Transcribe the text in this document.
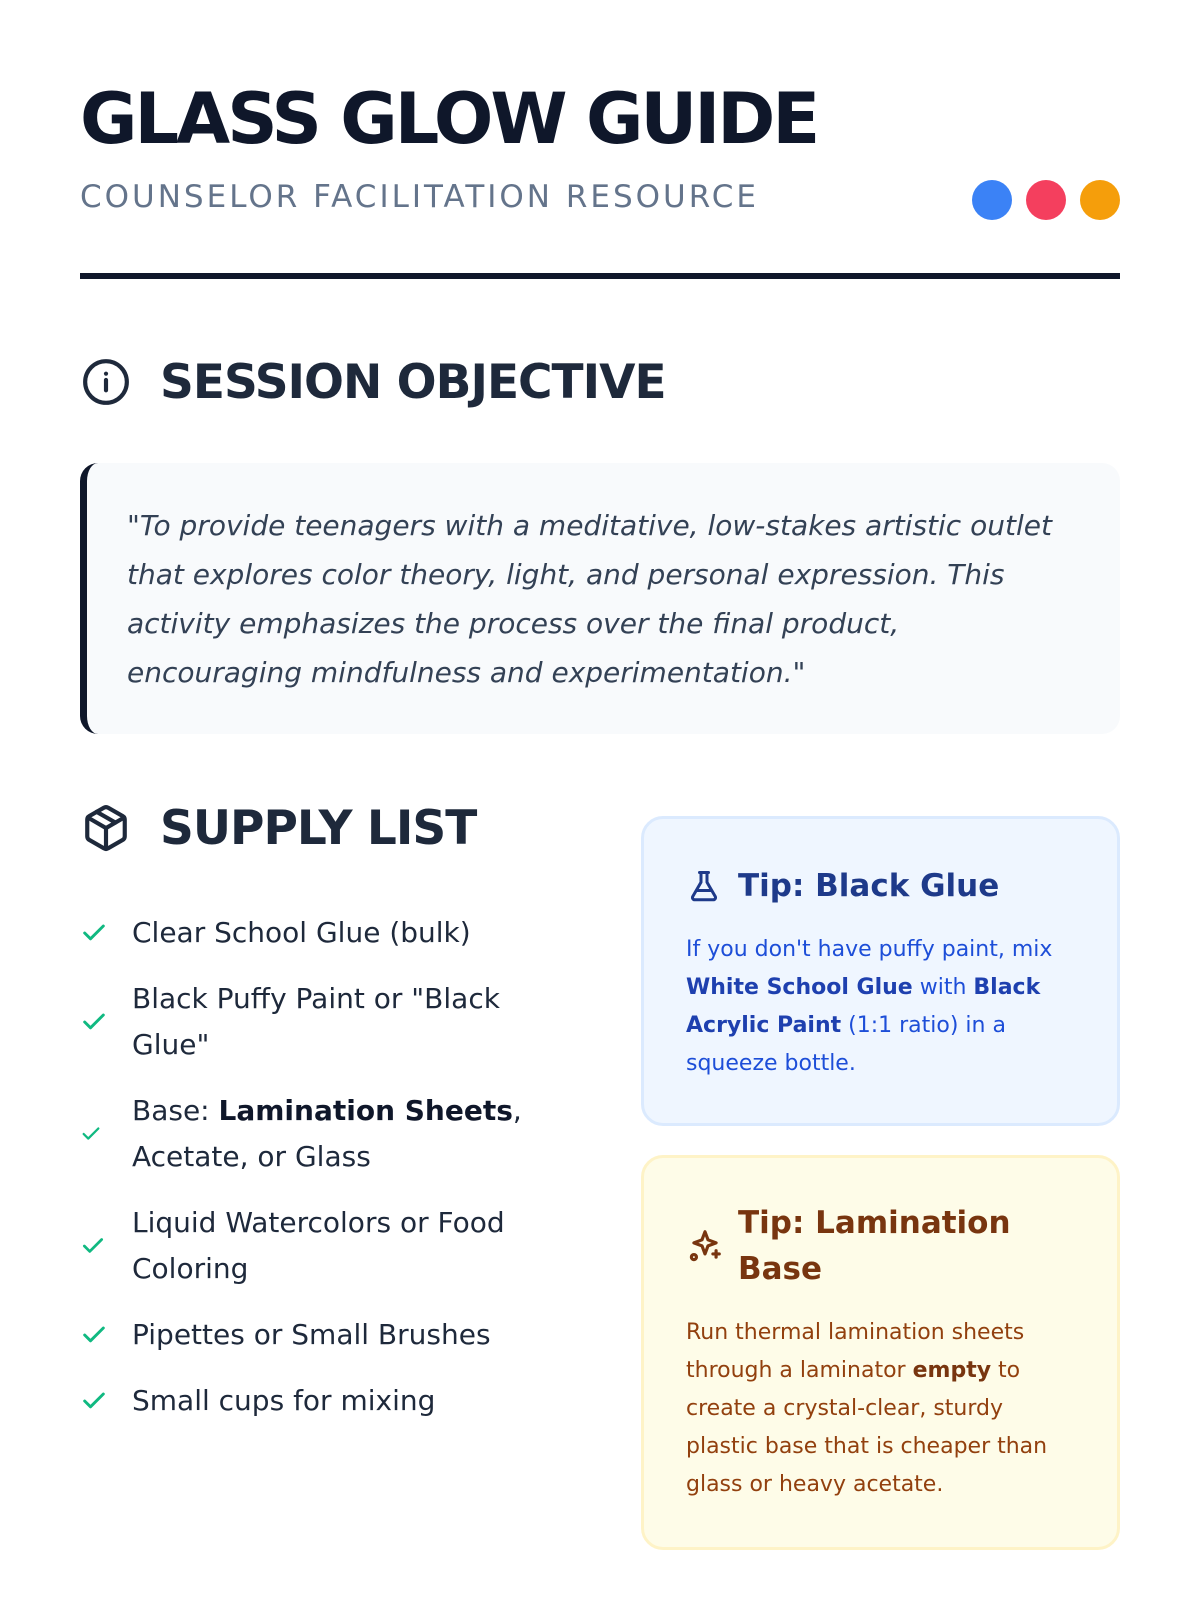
GLASS GLOW GUIDE
COUNSELOR FACILITATION RESOURCE
SESSION OBJECTIVE

"To provide teenagers with a meditative, low-stakes artistic outlet that explores color theory, light, and personal expression. This activity emphasizes the process over the final product, encouraging mindfulness and experimentation."

SUPPLY LIST
Clear School Glue (bulk)
Black Puffy Paint or "Black Glue"
Base: Lamination Sheets, Acetate, or Glass
Liquid Watercolors or Food Coloring
Pipettes or Small Brushes
Small cups for mixing
Tip: Black Glue

If you don't have puffy paint, mix White School Glue with Black Acrylic Paint (1:1 ratio) in a squeeze bottle.

Tip: Lamination Base

Run thermal lamination sheets through a laminator empty to create a crystal-clear, sturdy plastic base that is cheaper than glass or heavy acetate.
